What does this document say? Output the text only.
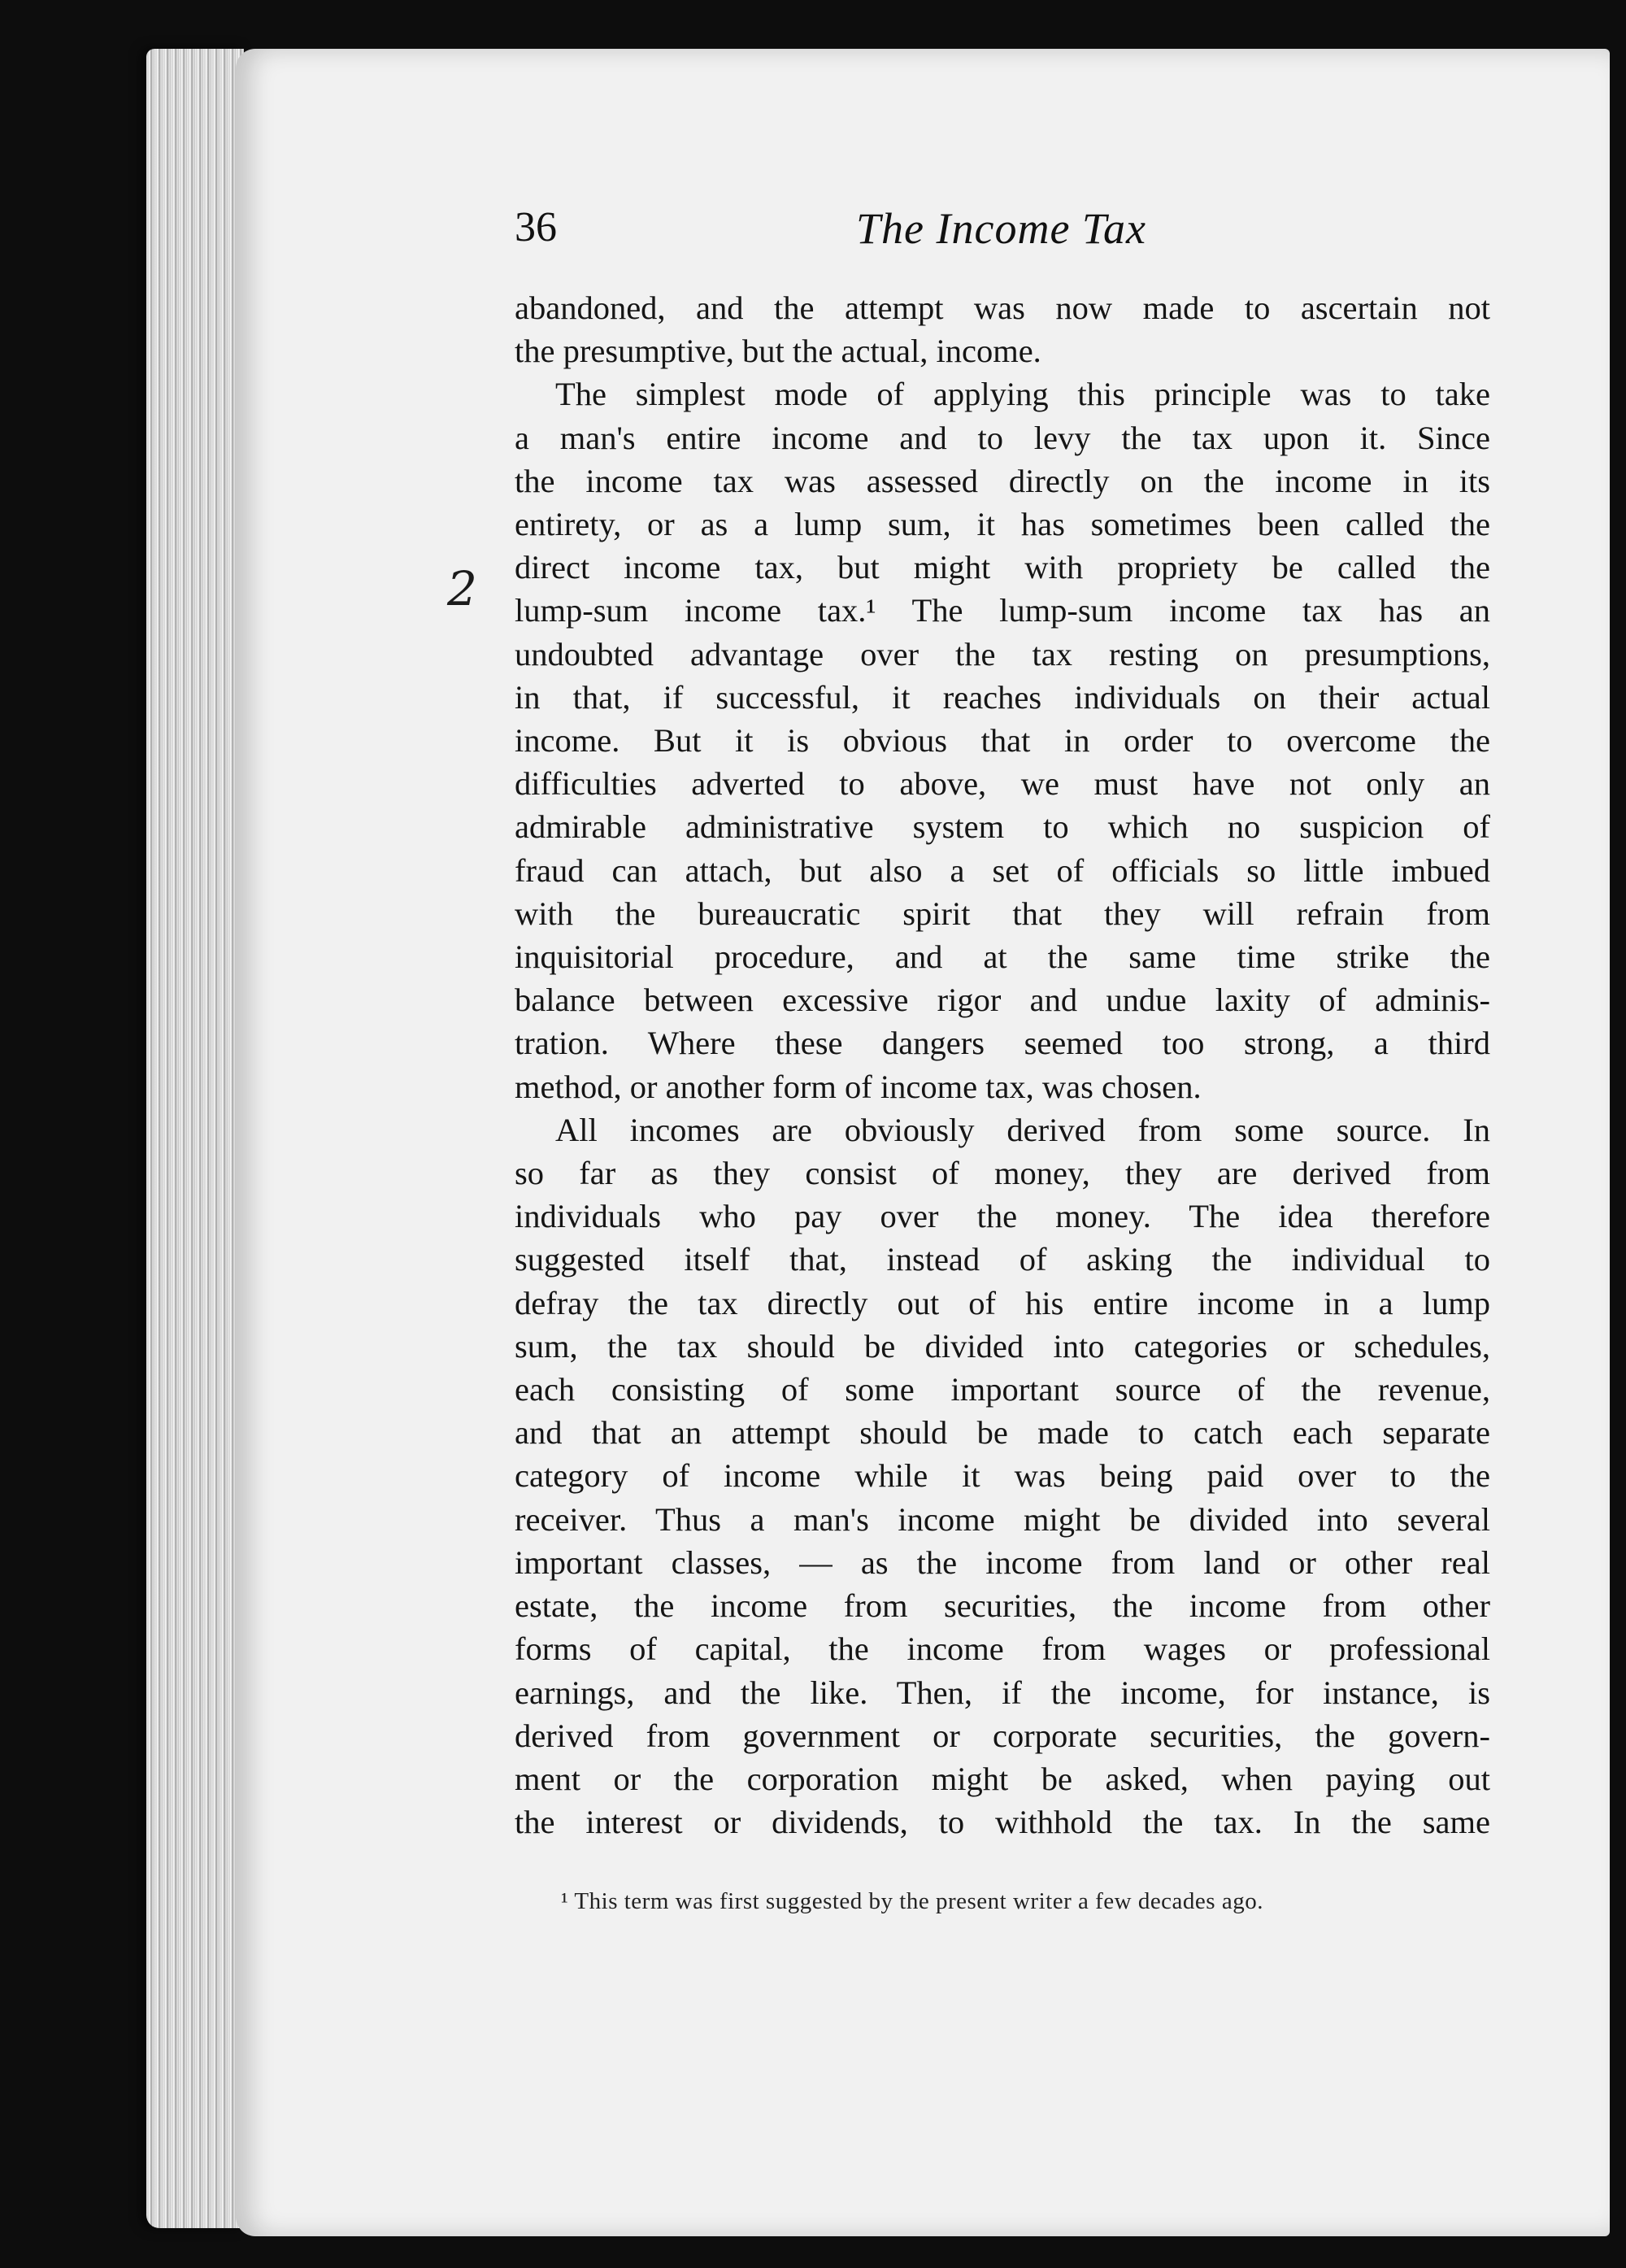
2
36	The Income Tax

abandoned, and the attempt was now made to ascertain not

the presumptive, but the actual, income.

The simplest mode of applying this principle was to take

a man's entire income and to levy the tax upon it. Since

the income tax was assessed directly on the income in its

entirety, or as a lump sum, it has sometimes been called the

direct income tax, but might with propriety be called the

lump-sum income tax.¹ The lump-sum income tax has an

undoubted advantage over the tax resting on presumptions,

in that, if successful, it reaches individuals on their actual

income. But it is obvious that in order to overcome the

difficulties adverted to above, we must have not only an

admirable administrative system to which no suspicion of

fraud can attach, but also a set of officials so little imbued

with the bureaucratic spirit that they will refrain from

inquisitorial procedure, and at the same time strike the

balance between excessive rigor and undue laxity of adminis-

tration. Where these dangers seemed too strong, a third

method, or another form of income tax, was chosen.

All incomes are obviously derived from some source. In

so far as they consist of money, they are derived from

individuals who pay over the money. The idea therefore

suggested itself that, instead of asking the individual to

defray the tax directly out of his entire income in a lump

sum, the tax should be divided into categories or schedules,

each consisting of some important source of the revenue,

and that an attempt should be made to catch each separate

category of income while it was being paid over to the

receiver. Thus a man's income might be divided into several

important classes, — as the income from land or other real

estate, the income from securities, the income from other

forms of capital, the income from wages or professional

earnings, and the like. Then, if the income, for instance, is

derived from government or corporate securities, the govern-

ment or the corporation might be asked, when paying out

the interest or dividends, to withhold the tax. In the same

¹ This term was first suggested by the present writer a few decades ago.
